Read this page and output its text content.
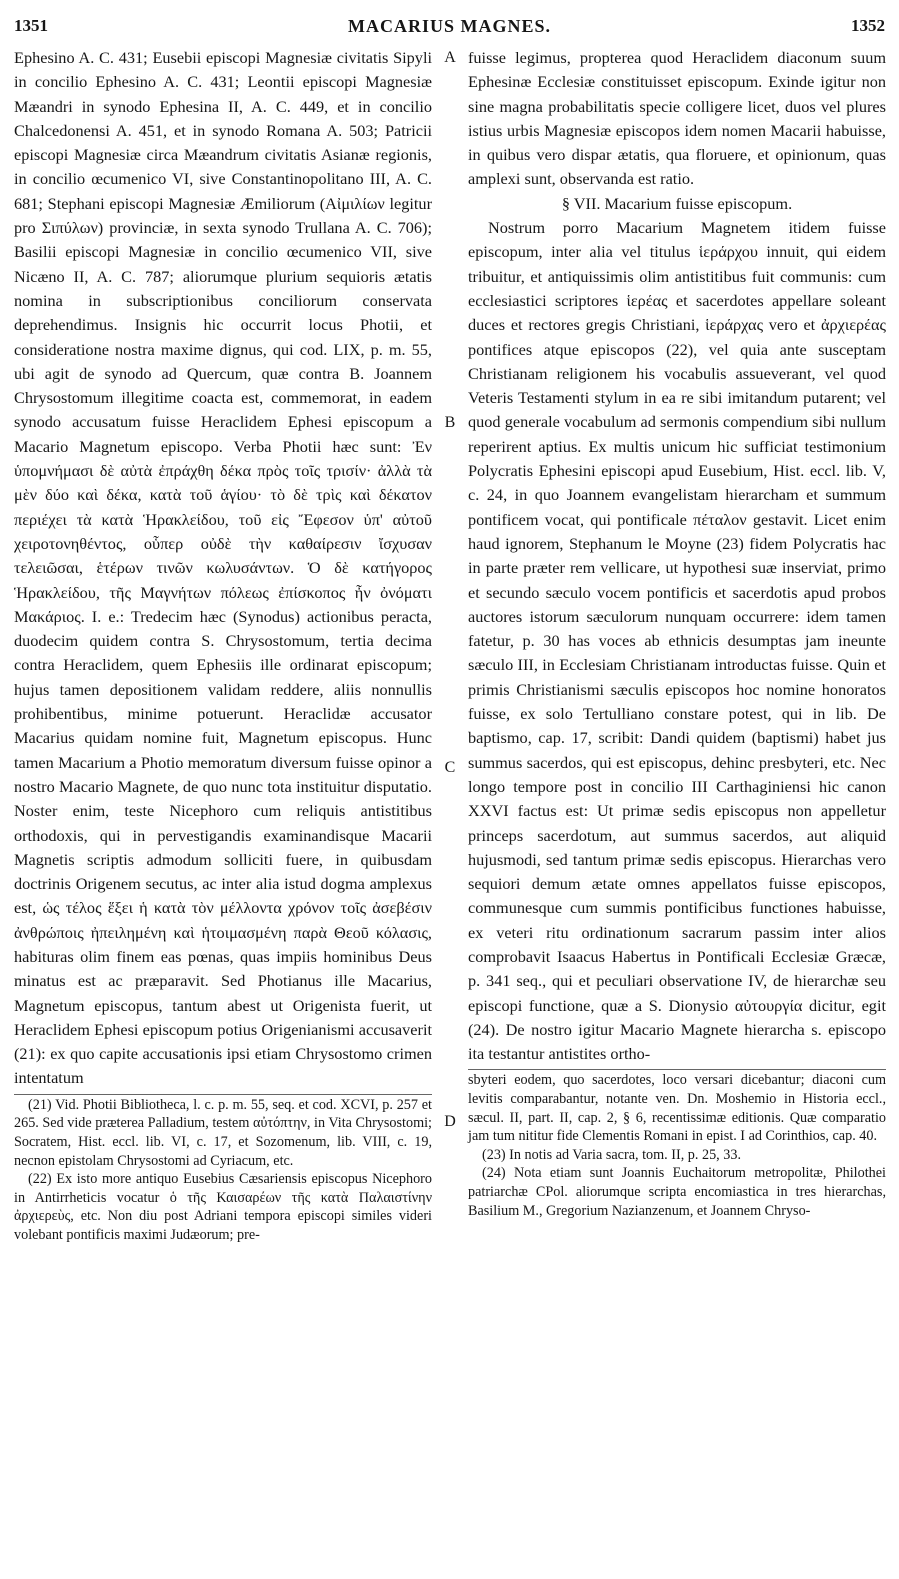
1351	MACARIUS MAGNES.	1352
A
B
C
D

Ephesino A. C. 431; Eusebii episcopi Magnesiæ civitatis Sipyli in concilio Ephesino A. C. 431; Leontii episcopi Magnesiæ Mæandri in synodo Ephesina II, A. C. 449, et in concilio Chalcedonensi A. 451, et in synodo Romana A. 503; Patricii episcopi Magnesiæ circa Mæandrum civitatis Asianæ regionis, in concilio œcumenico VI, sive Constantinopolitano III, A. C. 681; Stephani episcopi Magnesiæ Æmiliorum (Αἰμιλίων legitur pro Σιπύλων) provinciæ, in sexta synodo Trullana A. C. 706); Basilii episcopi Magnesiæ in concilio œcumenico VII, sive Nicæno II, A. C. 787; aliorumque plurium sequioris ætatis nomina in subscriptionibus conciliorum conservata deprehendimus. Insignis hic occurrit locus Photii, et consideratione nostra maxime dignus, qui cod. LIX, p. m. 55, ubi agit de synodo ad Quercum, quæ contra B. Joannem Chrysostomum illegitime coacta est, commemorat, in eadem synodo accusatum fuisse Heraclidem Ephesi episcopum a Macario Magnetum episcopo. Verba Photii hæc sunt: Ἐν ὑπομνήμασι δὲ αὐτὰ ἐπράχθη δέκα πρὸς τοῖς τρισίν· ἀλλὰ τὰ μὲν δύο καὶ δέκα, κατὰ τοῦ ἁγίου· τὸ δὲ τρὶς καὶ δέκατον περιέχει τὰ κατὰ Ἡρακλείδου, τοῦ εἰς Ἔφεσον ὑπ' αὐτοῦ χειροτονηθέντος, οὗπερ οὐδὲ τὴν καθαίρεσιν ἴσχυσαν τελειῶσαι, ἑτέρων τινῶν κωλυσάντων. Ὁ δὲ κατήγορος Ἡρακλείδου, τῆς Μαγνήτων πόλεως ἐπίσκοπος ἦν ὀνόματι Μακάριος. I. e.: Tredecim hæc (Synodus) actionibus peracta, duodecim quidem contra S. Chrysostomum, tertia decima contra Heraclidem, quem Ephesiis ille ordinarat episcopum; hujus tamen depositionem validam reddere, aliis nonnullis prohibentibus, minime potuerunt. Heraclidæ accusator Macarius quidam nomine fuit, Magnetum episcopus. Hunc tamen Macarium a Photio memoratum diversum fuisse opinor a nostro Macario Magnete, de quo nunc tota instituitur disputatio. Noster enim, teste Nicephoro cum reliquis antistitibus orthodoxis, qui in pervestigandis examinandisque Macarii Magnetis scriptis admodum solliciti fuere, in quibusdam doctrinis Origenem secutus, ac inter alia istud dogma amplexus est, ὡς τέλος ἕξει ἡ κατὰ τὸν μέλλοντα χρόνον τοῖς ἀσεβέσιν ἀνθρώποις ἠπειλημένη καὶ ἡτοιμασμένη παρὰ Θεοῦ κόλασις, habituras olim finem eas pœnas, quas impiis hominibus Deus minatus est ac præparavit. Sed Photianus ille Macarius, Magnetum episcopus, tantum abest ut Origenista fuerit, ut Heraclidem Ephesi episcopum potius Origenianismi accusaverit (21): ex quo capite accusationis ipsi etiam Chrysostomo crimen intentatum

(21) Vid. Photii Bibliotheca, l. c. p. m. 55, seq. et cod. XCVI, p. 257 et 265. Sed vide præterea Palladium, testem αὐτόπτην, in Vita Chrysostomi; Socratem, Hist. eccl. lib. VI, c. 17, et Sozomenum, lib. VIII, c. 19, necnon epistolam Chrysostomi ad Cyriacum, etc.

(22) Ex isto more antiquo Eusebius Cæsariensis episcopus Nicephoro in Antirrheticis vocatur ὁ τῆς Καισαρέων τῆς κατὰ Παλαιστίνην ἀρχιερεὺς, etc. Non diu post Adriani tempora episcopi similes videri volebant pontificis maximi Judæorum; pre-

fuisse legimus, propterea quod Heraclidem diaconum suum Ephesinæ Ecclesiæ constituisset episcopum. Exinde igitur non sine magna probabilitatis specie colligere licet, duos vel plures istius urbis Magnesiæ episcopos idem nomen Macarii habuisse, in quibus vero dispar ætatis, qua floruere, et opinionum, quas amplexi sunt, observanda est ratio.

§ VII. Macarium fuisse episcopum.

Nostrum porro Macarium Magnetem itidem fuisse episcopum, inter alia vel titulus ἱεράρχου innuit, qui eidem tribuitur, et antiquissimis olim antistitibus fuit communis: cum ecclesiastici scriptores ἱερέας et sacerdotes appellare soleant duces et rectores gregis Christiani, ἱεράρχας vero et ἀρχιερέας pontifices atque episcopos (22), vel quia ante susceptam Christianam religionem his vocabulis assueverant, vel quod Veteris Testamenti stylum in ea re sibi imitandum putarent; vel quod generale vocabulum ad sermonis compendium sibi nullum reperirent aptius. Ex multis unicum hic sufficiat testimonium Polycratis Ephesini episcopi apud Eusebium, Hist. eccl. lib. V, c. 24, in quo Joannem evangelistam hierarcham et summum pontificem vocat, qui pontificale πέταλον gestavit. Licet enim haud ignorem, Stephanum le Moyne (23) fidem Polycratis hac in parte præter rem vellicare, ut hypothesi suæ inserviat, primo et secundo sæculo vocem pontificis et sacerdotis apud probos auctores istorum sæculorum nunquam occurrere: idem tamen fatetur, p. 30 has voces ab ethnicis desumptas jam ineunte sæculo III, in Ecclesiam Christianam introductas fuisse. Quin et primis Christianismi sæculis episcopos hoc nomine honoratos fuisse, ex solo Tertulliano constare potest, qui in lib. De baptismo, cap. 17, scribit: Dandi quidem (baptismi) habet jus summus sacerdos, qui est episcopus, dehinc presbyteri, etc. Nec longo tempore post in concilio III Carthaginiensi hic canon XXVI factus est: Ut primæ sedis episcopus non appelletur princeps sacerdotum, aut summus sacerdos, aut aliquid hujusmodi, sed tantum primæ sedis episcopus. Hierarchas vero sequiori demum ætate omnes appellatos fuisse episcopos, communesque cum summis pontificibus functiones habuisse, ex veteri ritu ordinationum sacrarum passim inter alios comprobavit Isaacus Habertus in Pontificali Ecclesiæ Græcæ, p. 341 seq., qui et peculiari observatione IV, de hierarchæ seu episcopi functione, quæ a S. Dionysio αὐτουργία dicitur, egit (24). De nostro igitur Macario Magnete hierarcha s. episcopo ita testantur antistites ortho-

sbyteri eodem, quo sacerdotes, loco versari dicebantur; diaconi cum levitis comparabantur, notante ven. Dn. Moshemio in Historia eccl., sæcul. II, part. II, cap. 2, § 6, recentissimæ editionis. Quæ comparatio jam tum nititur fide Clementis Romani in epist. I ad Corinthios, cap. 40.

(23) In notis ad Varia sacra, tom. II, p. 25, 33.

(24) Nota etiam sunt Joannis Euchaitorum metropolitæ, Philothei patriarchæ CPol. aliorumque scripta encomiastica in tres hierarchas, Basilium M., Gregorium Nazianzenum, et Joannem Chryso-
